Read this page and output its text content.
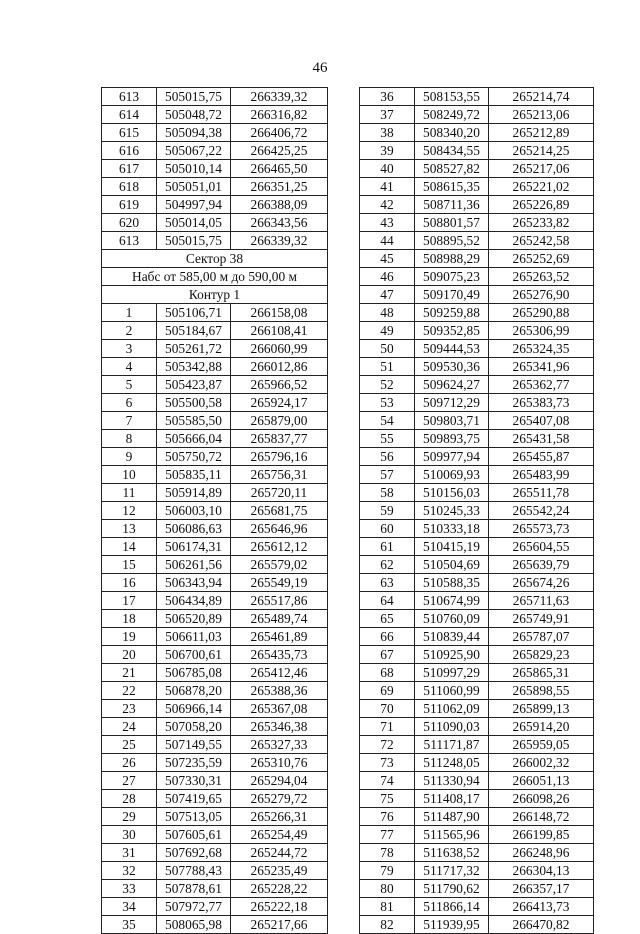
46
613	505015,75	266339,32
614	505048,72	266316,82
615	505094,38	266406,72
616	505067,22	266425,25
617	505010,14	266465,50
618	505051,01	266351,25
619	504997,94	266388,09
620	505014,05	266343,56
613	505015,75	266339,32
Сектор 38		
Набс от 585,00 м до 590,00 м		
Контур 1		
1	505106,71	266158,08
2	505184,67	266108,41
3	505261,72	266060,99
4	505342,88	266012,86
5	505423,87	265966,52
6	505500,58	265924,17
7	505585,50	265879,00
8	505666,04	265837,77
9	505750,72	265796,16
10	505835,11	265756,31
11	505914,89	265720,11
12	506003,10	265681,75
13	506086,63	265646,96
14	506174,31	265612,12
15	506261,56	265579,02
16	506343,94	265549,19
17	506434,89	265517,86
18	506520,89	265489,74
19	506611,03	265461,89
20	506700,61	265435,73
21	506785,08	265412,46
22	506878,20	265388,36
23	506966,14	265367,08
24	507058,20	265346,38
25	507149,55	265327,33
26	507235,59	265310,76
27	507330,31	265294,04
28	507419,65	265279,72
29	507513,05	265266,31
30	507605,61	265254,49
31	507692,68	265244,72
32	507788,43	265235,49
33	507878,61	265228,22
34	507972,77	265222,18
35	508065,98	265217,66
36	508153,55	265214,74
37	508249,72	265213,06
38	508340,20	265212,89
39	508434,55	265214,25
40	508527,82	265217,06
41	508615,35	265221,02
42	508711,36	265226,89
43	508801,57	265233,82
44	508895,52	265242,58
45	508988,29	265252,69
46	509075,23	265263,52
47	509170,49	265276,90
48	509259,88	265290,88
49	509352,85	265306,99
50	509444,53	265324,35
51	509530,36	265341,96
52	509624,27	265362,77
53	509712,29	265383,73
54	509803,71	265407,08
55	509893,75	265431,58
56	509977,94	265455,87
57	510069,93	265483,99
58	510156,03	265511,78
59	510245,33	265542,24
60	510333,18	265573,73
61	510415,19	265604,55
62	510504,69	265639,79
63	510588,35	265674,26
64	510674,99	265711,63
65	510760,09	265749,91
66	510839,44	265787,07
67	510925,90	265829,23
68	510997,29	265865,31
69	511060,99	265898,55
70	511062,09	265899,13
71	511090,03	265914,20
72	511171,87	265959,05
73	511248,05	266002,32
74	511330,94	266051,13
75	511408,17	266098,26
76	511487,90	266148,72
77	511565,96	266199,85
78	511638,52	266248,96
79	511717,32	266304,13
80	511790,62	266357,17
81	511866,14	266413,73
82	511939,95	266470,82
